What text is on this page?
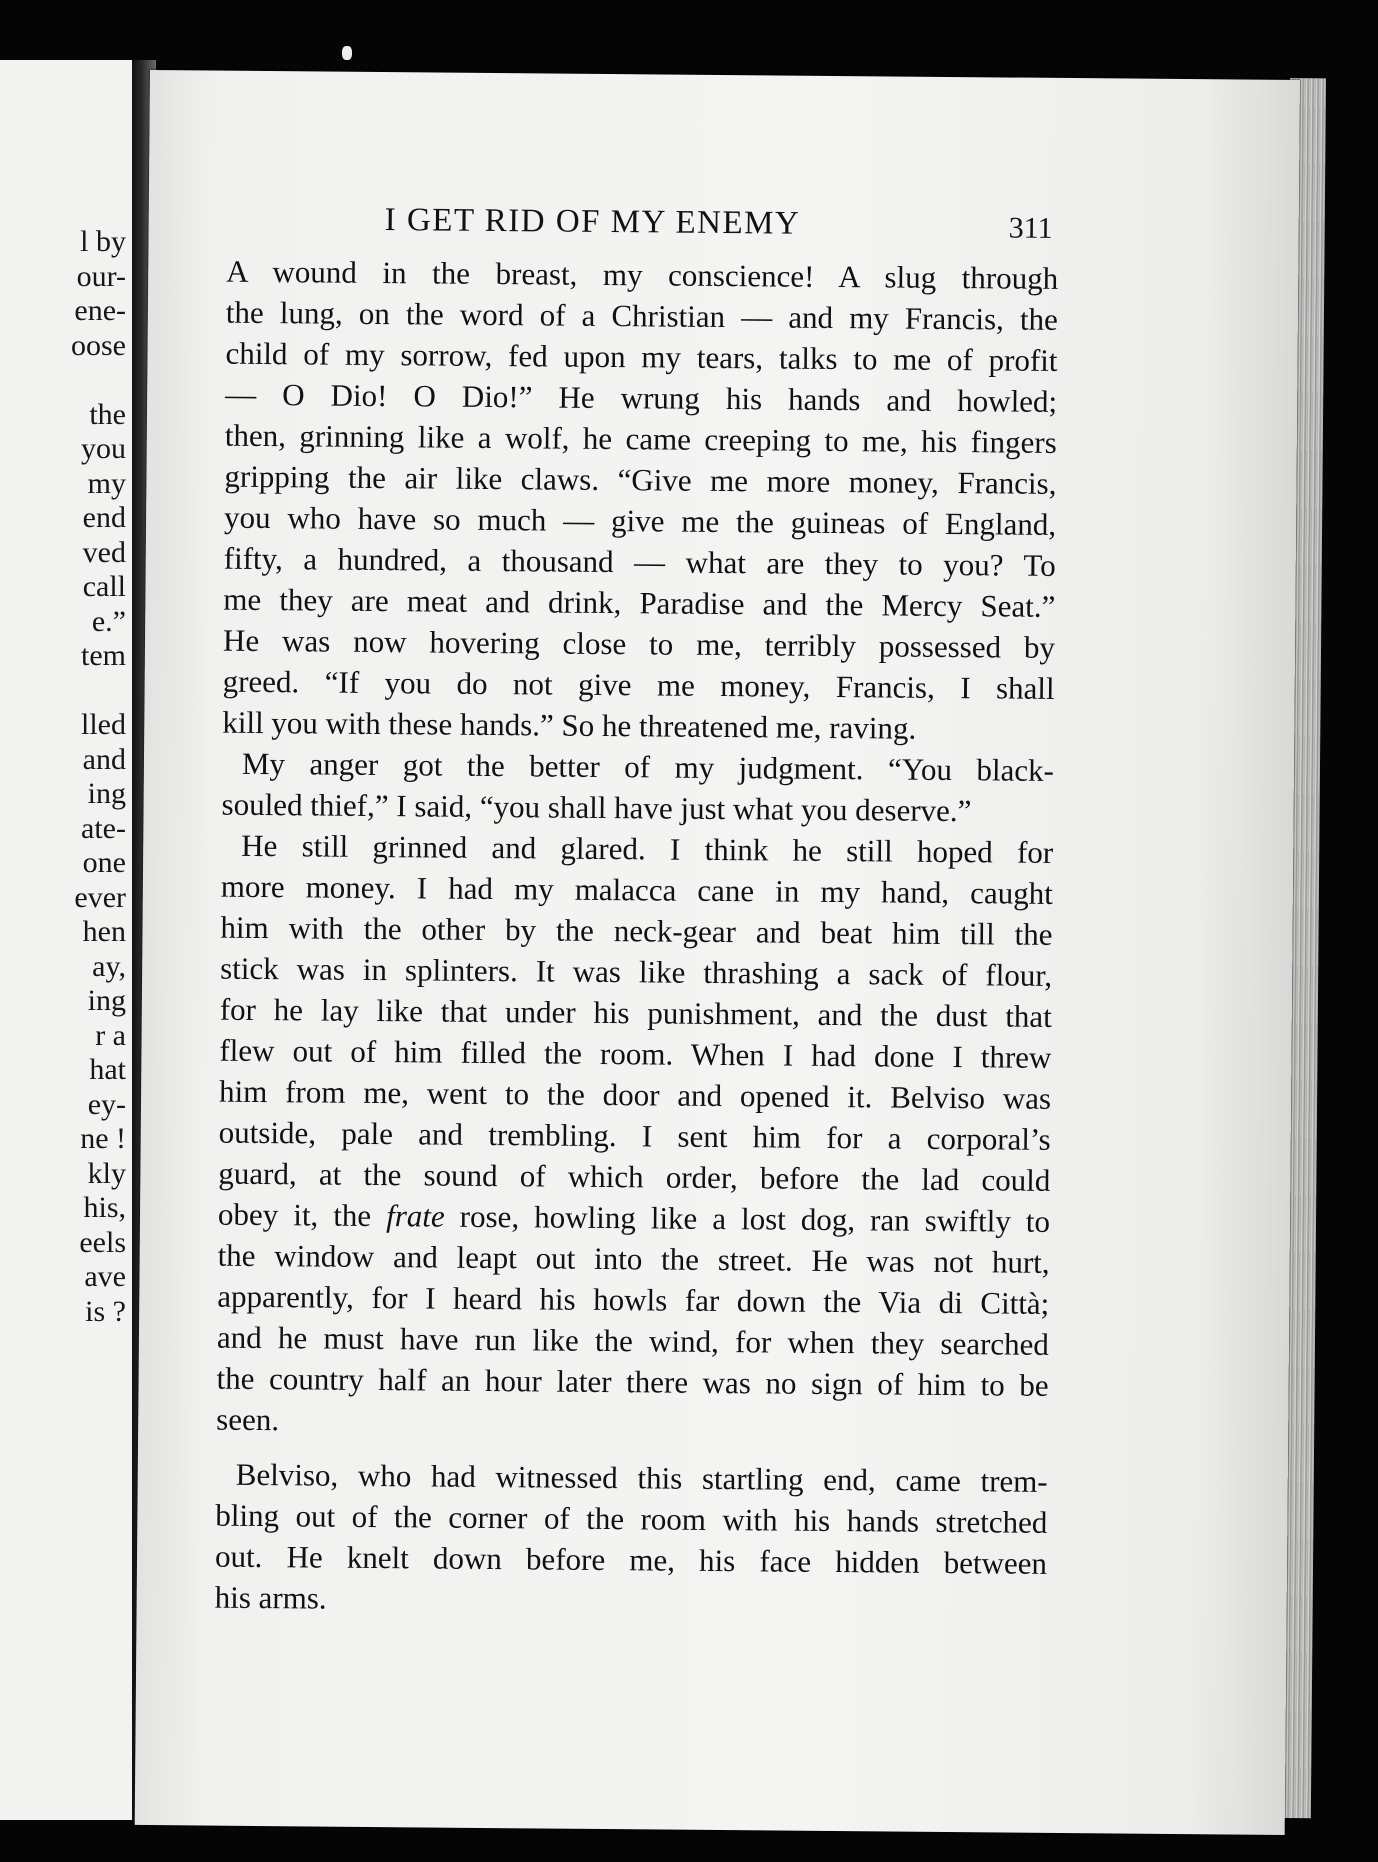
l by
our-
ene-
oose
the
you
my
end
ved
call
e.”
tem
lled
and
ing
ate-
one
ever
hen
ay,
ing
r a
hat
ey-
ne !
kly
his,
eels
ave
is ?
I GET RID OF MY ENEMY	311
A wound in the breast, my conscience! A slug through
the lung, on the word of a Christian — and my Francis, the
child of my sorrow, fed upon my tears, talks to me of profit
— O Dio! O Dio!” He wrung his hands and howled;
then, grinning like a wolf, he came creeping to me, his fingers
gripping the air like claws. “Give me more money, Francis,
you who have so much — give me the guineas of England,
fifty, a hundred, a thousand — what are they to you? To
me they are meat and drink, Paradise and the Mercy Seat.”
He was now hovering close to me, terribly possessed by
greed. “If you do not give me money, Francis, I shall
kill you with these hands.” So he threatened me, raving.
My anger got the better of my judgment. “You black-
souled thief,” I said, “you shall have just what you deserve.”
He still grinned and glared. I think he still hoped for
more money. I had my malacca cane in my hand, caught
him with the other by the neck-gear and beat him till the
stick was in splinters. It was like thrashing a sack of flour,
for he lay like that under his punishment, and the dust that
flew out of him filled the room. When I had done I threw
him from me, went to the door and opened it. Belviso was
outside, pale and trembling. I sent him for a corporal’s
guard, at the sound of which order, before the lad could
obey it, the frate rose, howling like a lost dog, ran swiftly to
the window and leapt out into the street. He was not hurt,
apparently, for I heard his howls far down the Via di Città;
and he must have run like the wind, for when they searched
the country half an hour later there was no sign of him to be
seen.
Belviso, who had witnessed this startling end, came trem-
bling out of the corner of the room with his hands stretched
out. He knelt down before me, his face hidden between
his arms.
